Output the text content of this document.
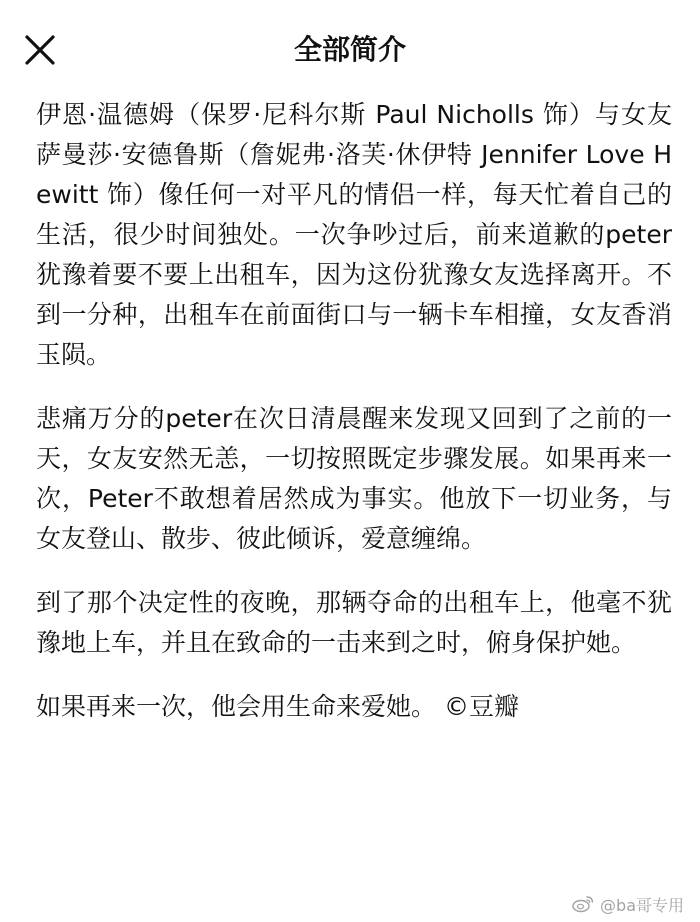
全部简介

伊恩·温德姆（保罗·尼科尔斯 Paul Nicholls 饰）与女友萨曼莎·安德鲁斯（詹妮弗·洛芙·休伊特 Jennifer Love Hewitt 饰）像任何一对平凡的情侣一样，每天忙着自己的生活，很少时间独处。一次争吵过后，前来道歉的peter犹豫着要不要上出租车，因为这份犹豫女友选择离开。不到一分种，出租车在前面街口与一辆卡车相撞，女友香消玉陨。

悲痛万分的peter在次日清晨醒来发现又回到了之前的一天，女友安然无恙，一切按照既定步骤发展。如果再来一次，Peter不敢想着居然成为事实。他放下一切业务，与女友登山、散步、彼此倾诉，爱意缠绵。

到了那个决定性的夜晚，那辆夺命的出租车上，他毫不犹豫地上车，并且在致命的一击来到之时，俯身保护她。

如果再来一次，他会用生命来爱她。 ©豆瓣

@ba哥专用
